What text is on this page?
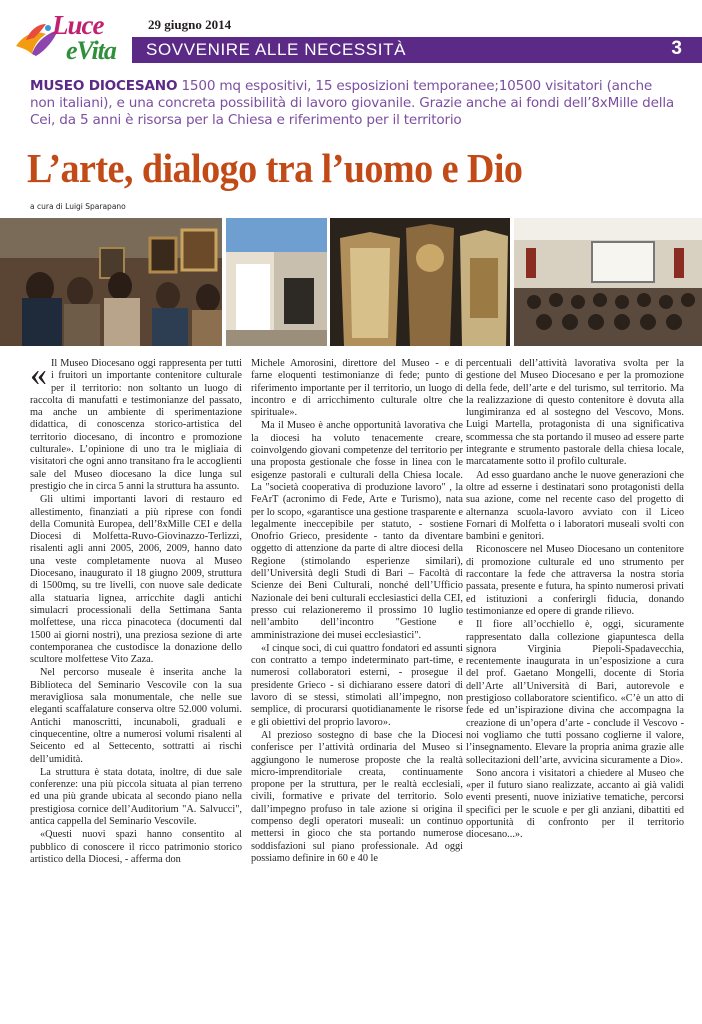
Luce
eVita
29 giugno 2014
SOVVENIRE ALLE NECESSITÀ	3
MUSEO DIOCESANO 1500 mq espositivi, 15 esposizioni temporanee;10500 visitatori (anche non italiani), e una concreta possibilità di lavoro giovanile. Grazie anche ai fondi dell’8xMille della Cei, da 5 anni è risorsa per la Chiesa e riferimento per il territorio
L’arte, dialogo tra l’uomo e Dio
a cura di Luigi Sparapano

« Il Museo Diocesano oggi rappresenta per tutti i fruitori un importante contenitore culturale per il territorio: non soltanto un luogo di raccolta di manufatti e testimonianze del passato, ma anche un ambiente di sperimentazione didattica, di conoscenza storico-artistica del territorio diocesano, di incontro e promozione culturale». L’opinione di uno tra le migliaia di visitatori che ogni anno transitano fra le accoglienti sale del Museo diocesano la dice lunga sul prestigio che in circa 5 anni la struttura ha assunto.

Gli ultimi importanti lavori di restauro ed allestimento, finanziati a più riprese con fondi della Comunità Europea, dell’8xMille CEI e della Diocesi di Molfetta-Ruvo-Giovinazzo-Terlizzi, risalenti agli anni 2005, 2006, 2009, hanno dato una veste completamente nuova al Museo Diocesano, inaugurato il 18 giugno 2009, struttura di 1500mq, su tre livelli, con nuove sale dedicate alla statuaria lignea, arricchite dagli antichi simulacri processionali della Settimana Santa molfettese, una ricca pinacoteca (documenti dal 1500 ai giorni nostri), una preziosa sezione di arte contemporanea che custodisce la donazione dello scultore molfettese Vito Zaza.

Nel percorso museale è inserita anche la Biblioteca del Seminario Vescovile con la sua meravigliosa sala monumentale, che nelle sue eleganti scaffalature conserva oltre 52.000 volumi. Antichi manoscritti, incunaboli, graduali e cinquecentine, oltre a numerosi volumi risalenti al Seicento ed al Settecento, sottratti ai rischi dell’umidità.

La struttura è stata dotata, inoltre, di due sale conferenze: una più piccola situata al pian terreno ed una più grande ubicata al secondo piano nella prestigiosa cornice dell’Auditorium "A. Salvucci", antica cappella del Seminario Vescovile.

«Questi nuovi spazi hanno consentito al pubblico di conoscere il ricco patrimonio storico artistico della Diocesi, - afferma don

Michele Amorosini, direttore del Museo - e di farne eloquenti testimonianze di fede; punto di riferimento importante per il territorio, un luogo di incontro e di arricchimento culturale oltre che spirituale».

Ma il Museo è anche opportunità lavorativa che la diocesi ha voluto tenacemente creare, coinvolgendo giovani competenze del territorio per una proposta gestionale che fosse in linea con le esigenze pastorali e culturali della Chiesa locale. La "società cooperativa di produzione lavoro" , la FeArT (acronimo di Fede, Arte e Turismo), nata per lo scopo, «garantisce una gestione trasparente e legalmente ineccepibile per statuto, - sostiene Onofrio Grieco, presidente - tanto da diventare oggetto di attenzione da parte di altre diocesi della Regione (stimolando esperienze similari), dell’Università degli Studi di Bari – Facoltà di Scienze dei Beni Culturali, nonché dell’Ufficio Nazionale dei beni culturali ecclesiastici della CEI, presso cui relazioneremo il prossimo 10 luglio nell’ambito dell’incontro "Gestione e amministrazione dei musei ecclesiastici".

«I cinque soci, di cui quattro fondatori ed assunti con contratto a tempo indeterminato part-time, e numerosi collaboratori esterni, - prosegue il presidente Grieco - si dichiarano essere datori di lavoro di se stessi, stimolati all’impegno, non semplice, di procurarsi quotidianamente le risorse e gli obiettivi del proprio lavoro».

Al prezioso sostegno di base che la Diocesi conferisce per l’attività ordinaria del Museo si aggiungono le numerose proposte che la realtà micro-imprenditoriale creata, continuamente propone per la struttura, per le realtà ecclesiali, civili, formative e private del territorio. Solo dall’impegno profuso in tale azione si origina il compenso degli operatori museali: un continuo mettersi in gioco che sta portando numerose soddisfazioni sul piano professionale. Ad oggi possiamo definire in 60 e 40 le

percentuali dell’attività lavorativa svolta per la gestione del Museo Diocesano e per la promozione della fede, dell’arte e del turismo, sul territorio. Ma la realizzazione di questo contenitore è dovuta alla lungimiranza ed al sostegno del Vescovo, Mons. Luigi Martella, protagonista di una significativa scommessa che sta portando il museo ad essere parte integrante e strumento pastorale della chiesa locale, marcatamente sotto il profilo culturale.

Ad esso guardano anche le nuove generazioni che oltre ad esserne i destinatari sono protagonisti della sua azione, come nel recente caso del progetto di alternanza scuola-lavoro avviato con il Liceo Fornari di Molfetta o i laboratori museali svolti con bambini e genitori.

Riconoscere nel Museo Diocesano un contenitore di promozione culturale ed uno strumento per raccontare la fede che attraversa la nostra storia passata, presente e futura, ha spinto numerosi privati ed istituzioni a conferirgli fiducia, donando testimonianze ed opere di grande rilievo.

Il fiore all’occhiello è, oggi, sicuramente rappresentato dalla collezione giapuntesca della signora Virginia Piepoli-Spadavecchia, recentemente inaugurata in un’esposizione a cura del prof. Gaetano Mongelli, docente di Storia dell’Arte all’Università di Bari, autorevole e prestigioso collaboratore scientifico. «C’è un atto di fede ed un’ispirazione divina che accompagna la creazione di un’opera d’arte - conclude il Vescovo - noi vogliamo che tutti possano coglierne il valore, l’insegnamento. Elevare la propria anima grazie alle sollecitazioni dell’arte, avvicina sicuramente a Dio».

Sono ancora i visitatori a chiedere al Museo che «per il futuro siano realizzate, accanto ai già validi eventi presenti, nuove iniziative tematiche, percorsi specifici per le scuole e per gli anziani, dibattiti ed opportunità di confronto per il territorio diocesano...».
